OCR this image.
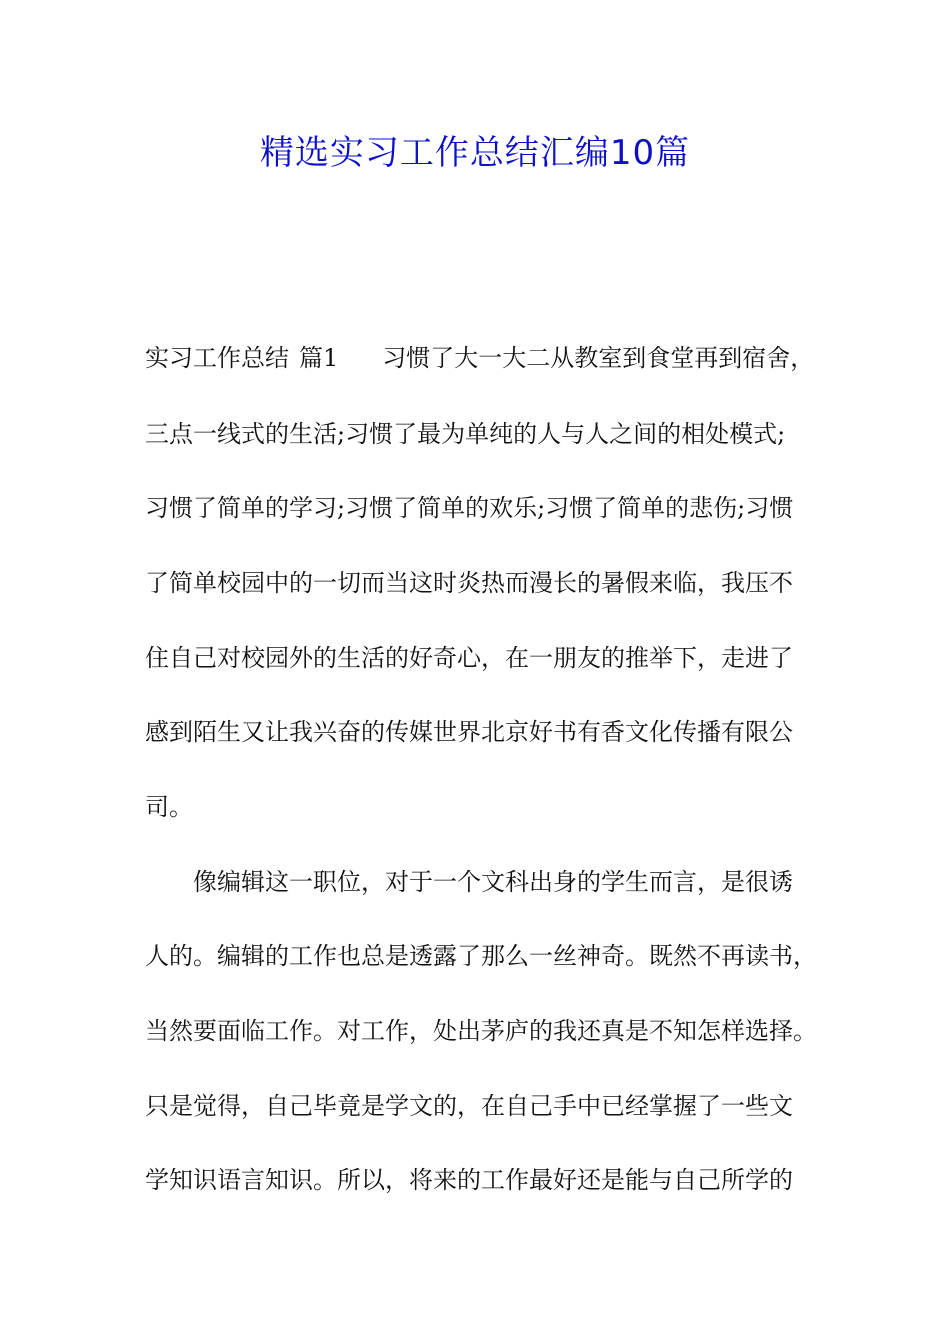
精选实习工作总结汇编10篇
实习工作总结 篇1 习惯了大一大二从教室到食堂再到宿舍，
三点一线式的生活;习惯了最为单纯的人与人之间的相处模式;
习惯了简单的学习;习惯了简单的欢乐;习惯了简单的悲伤;习惯
了简单校园中的一切而当这时炎热而漫长的暑假来临，我压不
住自己对校园外的生活的好奇心，在一朋友的推举下，走进了
感到陌生又让我兴奋的传媒世界北京好书有香文化传播有限公
司。
像编辑这一职位，对于一个文科出身的学生而言，是很诱
人的。编辑的工作也总是透露了那么一丝神奇。既然不再读书，
当然要面临工作。对工作，处出茅庐的我还真是不知怎样选择。
只是觉得，自己毕竟是学文的，在自己手中已经掌握了一些文
学知识语言知识。所以，将来的工作最好还是能与自己所学的
